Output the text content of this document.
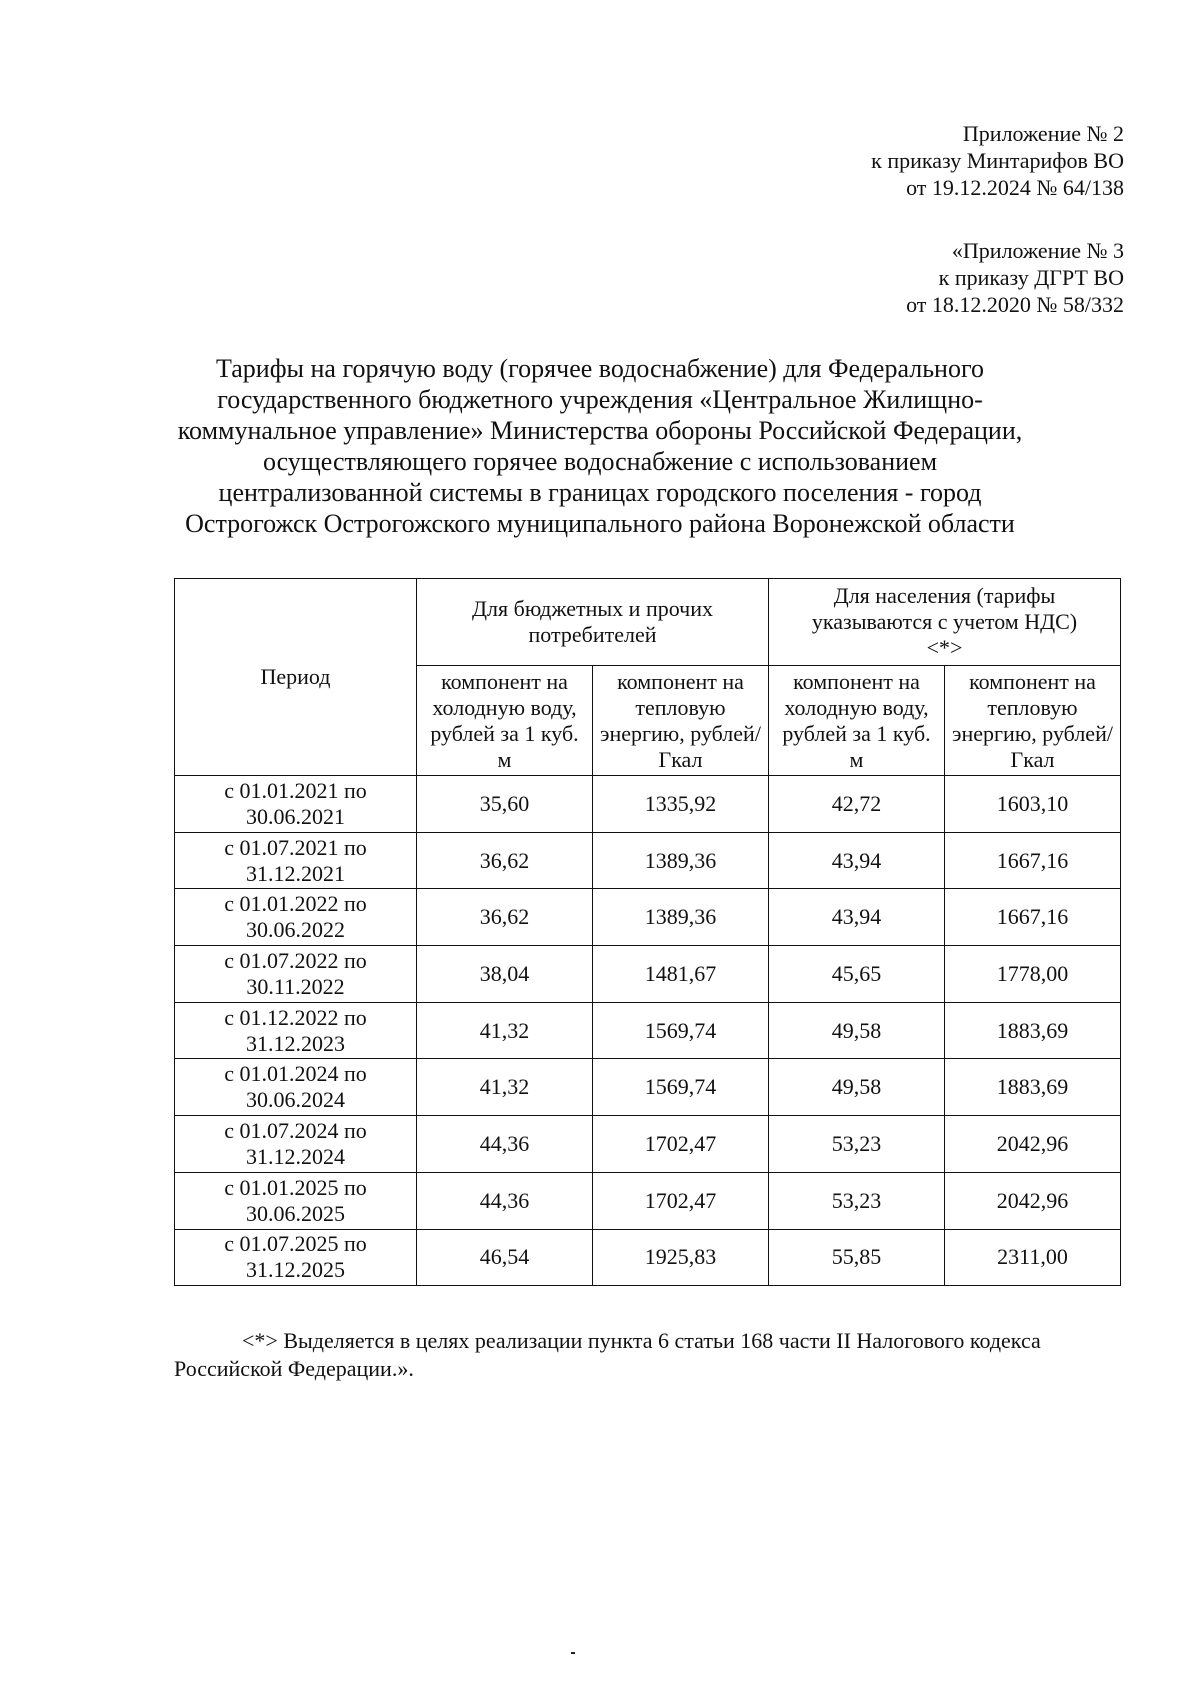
Приложение № 2
к приказу Минтарифов ВО
от 19.12.2024 № 64/138
«Приложение № 3
к приказу ДГРТ ВО
от 18.12.2020 № 58/332
Тарифы на горячую воду (горячее водоснабжение) для Федерального
государственного бюджетного учреждения «Центральное Жилищно-
коммунальное управление» Министерства обороны Российской Федерации,
осуществляющего горячее водоснабжение с использованием
централизованной системы в границах городского поселения - город
Острогожск Острогожского муниципального района Воронежской области
Период	Для бюджетных и прочих потребителей		Для населения (тарифы указываются с учетом НДС) <*>	
	компонент на холодную воду, рублей за 1 куб. м	компонент на тепловую энергию, рублей/Гкал	компонент на холодную воду, рублей за 1 куб. м	компонент на тепловую энергию, рублей/Гкал

с 01.01.2021 по
30.06.2021	35,60	1335,92	42,72	1603,10

с 01.07.2021 по
31.12.2021	36,62	1389,36	43,94	1667,16

с 01.01.2022 по
30.06.2022	36,62	1389,36	43,94	1667,16

с 01.07.2022 по
30.11.2022	38,04	1481,67	45,65	1778,00

с 01.12.2022 по
31.12.2023	41,32	1569,74	49,58	1883,69

с 01.01.2024 по
30.06.2024	41,32	1569,74	49,58	1883,69

с 01.07.2024 по
31.12.2024	44,36	1702,47	53,23	2042,96

с 01.01.2025 по
30.06.2025	44,36	1702,47	53,23	2042,96

с 01.07.2025 по
31.12.2025	46,54	1925,83	55,85	2311,00
<*> Выделяется в целях реализации пункта 6 статьи 168 части II Налогового кодекса
Российской Федерации.».
